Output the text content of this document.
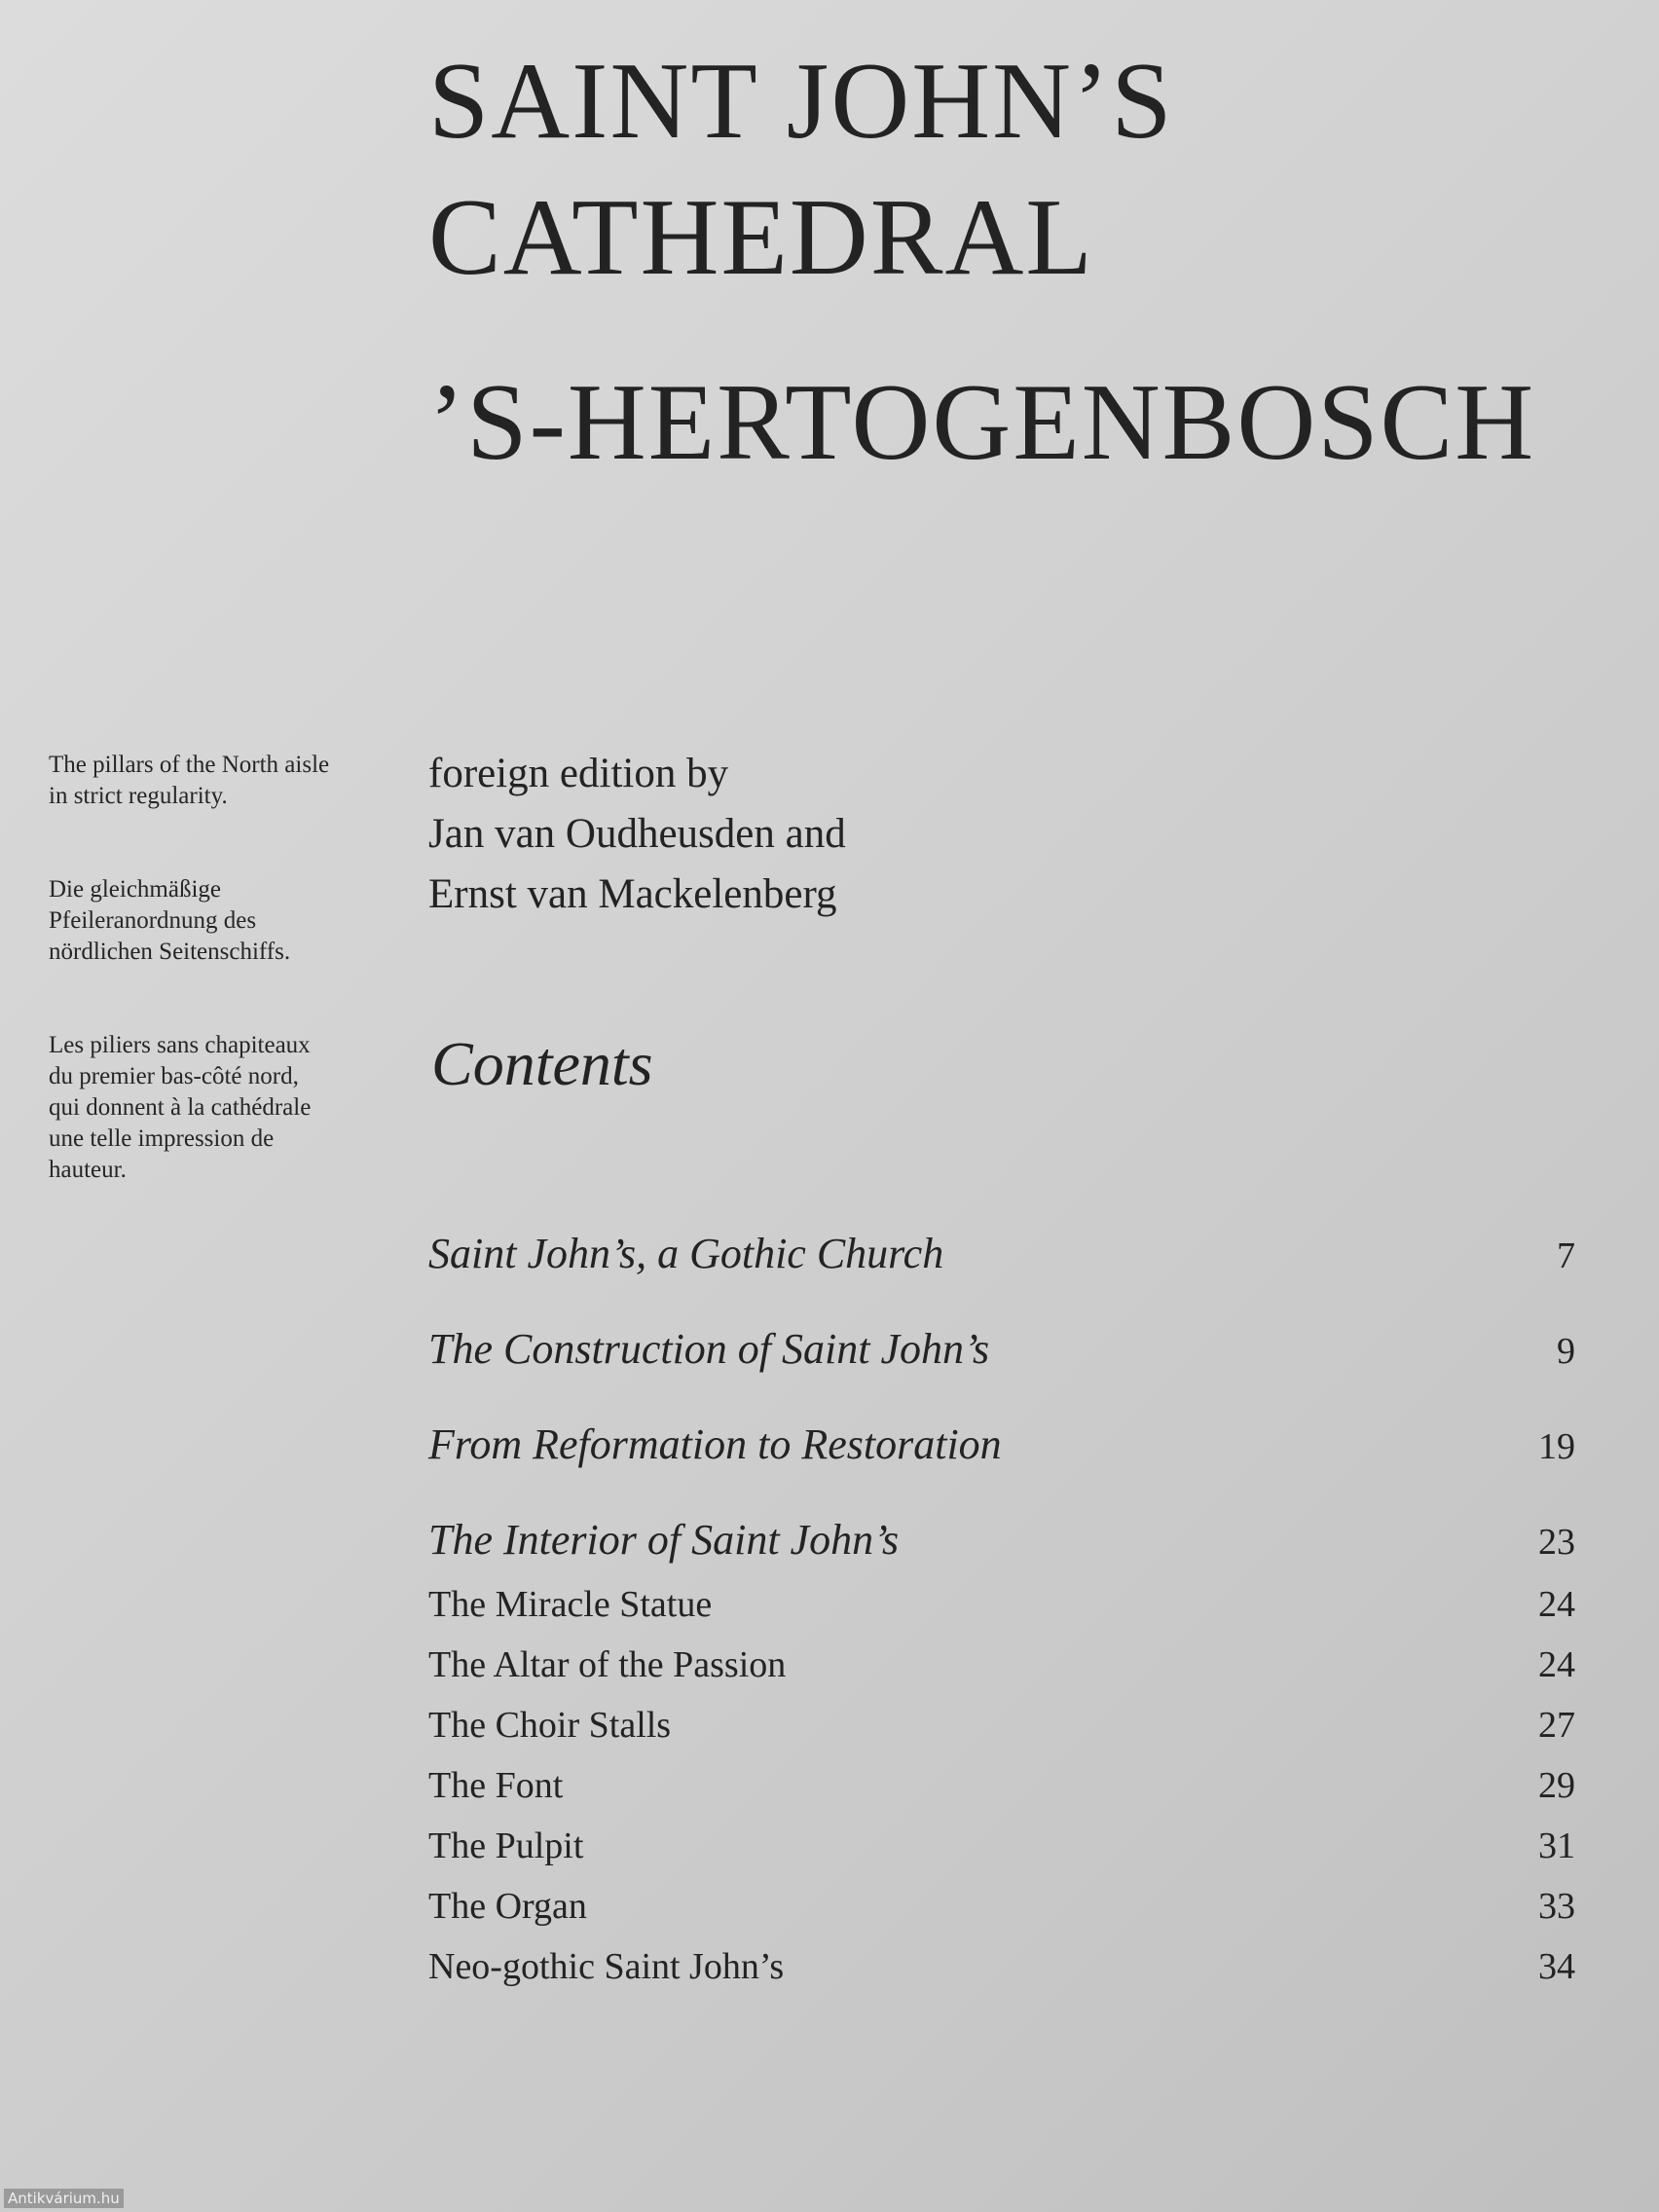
SAINT JOHN’S
CATHEDRAL
’S-HERTOGENBOSCH
The pillars of the North aisle
in strict regularity.
Die gleichmäßige
Pfeileranordnung des
nördlichen Seitenschiffs.
Les piliers sans chapiteaux
du premier bas-côté nord,
qui donnent à la cathédrale
une telle impression de
hauteur.
foreign edition by
Jan van Oudheusden and
Ernst van Mackelenberg
Contents
Saint John’s, a Gothic Church	7
The Construction of Saint John’s	9
From Reformation to Restoration	19
The Interior of Saint John’s	23
The Miracle Statue	24
The Altar of the Passion	24
The Choir Stalls	27
The Font	29
The Pulpit	31
The Organ	33
Neo-gothic Saint John’s	34
Antikvárium.hu
